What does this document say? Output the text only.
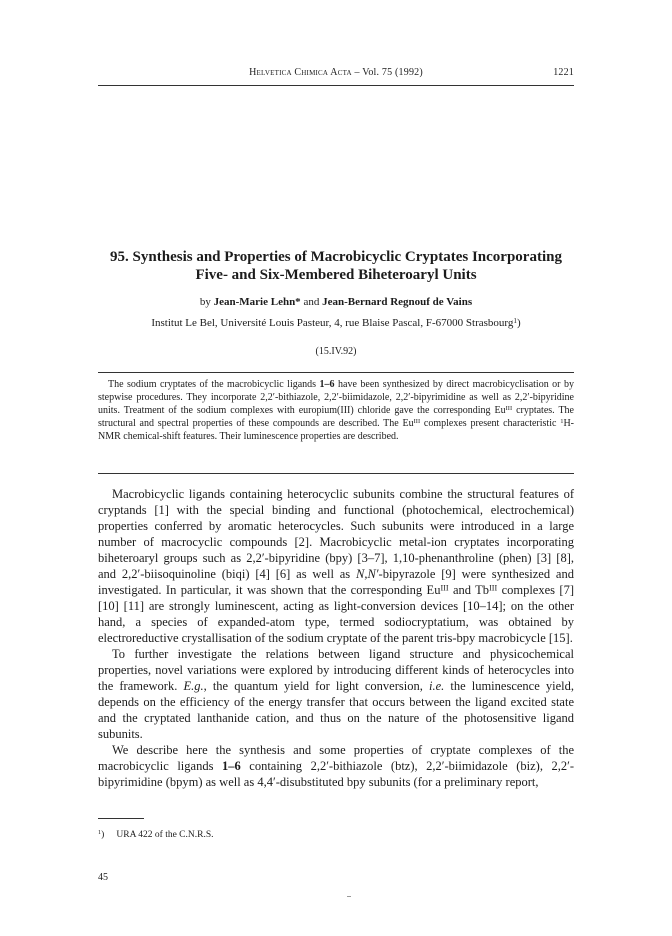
Helvetica Chimica Acta – Vol. 75 (1992)	1221
95. Synthesis and Properties of Macrobicyclic Cryptates Incorporating
Five- and Six-Membered Biheteroaryl Units
by Jean-Marie Lehn* and Jean-Bernard Regnouf de Vains
Institut Le Bel, Université Louis Pasteur, 4, rue Blaise Pascal, F-67000 Strasbourg$^1$)
(15.IV.92)

The sodium cryptates of the macrobicyclic ligands 1–6 have been synthesized by direct macrobicyclisation or by stepwise procedures. They incorporate 2,2′-bithiazole, 2,2′-biimidazole, 2,2′-bipyrimidine as well as 2,2′-bipyridine units. Treatment of the sodium complexes with europium(III) chloride gave the corresponding $Eu^{III}$ cryptates. The structural and spectral properties of these compounds are described. The $Eu^{III}$ complexes present characteristic $^1$H-NMR chemical-shift features. Their luminescence properties are described.

Macrobicyclic ligands containing heterocyclic subunits combine the structural features of cryptands [1] with the special binding and functional (photochemical, electrochemical) properties conferred by aromatic heterocycles. Such subunits were introduced in a large number of macrocyclic compounds [2]. Macrobicyclic metal-ion cryptates incorporating biheteroaryl groups such as 2,2′-bipyridine (bpy) [3–7], 1,10-phenanthroline (phen) [3] [8], and 2,2′-biisoquinoline (biqi) [4] [6] as well as N,N′-bipyrazole [9] were synthesized and investigated. In particular, it was shown that the corresponding $Eu^{III}$ and $Tb^{III}$ complexes [7] [10] [11] are strongly luminescent, acting as light-conversion devices [10–14]; on the other hand, a species of expanded-atom type, termed sodiocryptatium, was obtained by electroreductive crystallisation of the sodium cryptate of the parent tris-bpy macrobicycle [15].

To further investigate the relations between ligand structure and physicochemical properties, novel variations were explored by introducing different kinds of heterocycles into the framework. E.g., the quantum yield for light conversion, i.e. the luminescence yield, depends on the efficiency of the energy transfer that occurs between the ligand excited state and the cryptated lanthanide cation, and thus on the nature of the photosensitive ligand subunits.

We describe here the synthesis and some properties of cryptate complexes of the macrobicyclic ligands 1–6 containing 2,2′-bithiazole (btz), 2,2′-biimidazole (biz), 2,2′-bipyrimidine (bpym) as well as 4,4′-disubstituted bpy subunits (for a preliminary report,

$^1$) URA 422 of the C.N.R.S.
45
